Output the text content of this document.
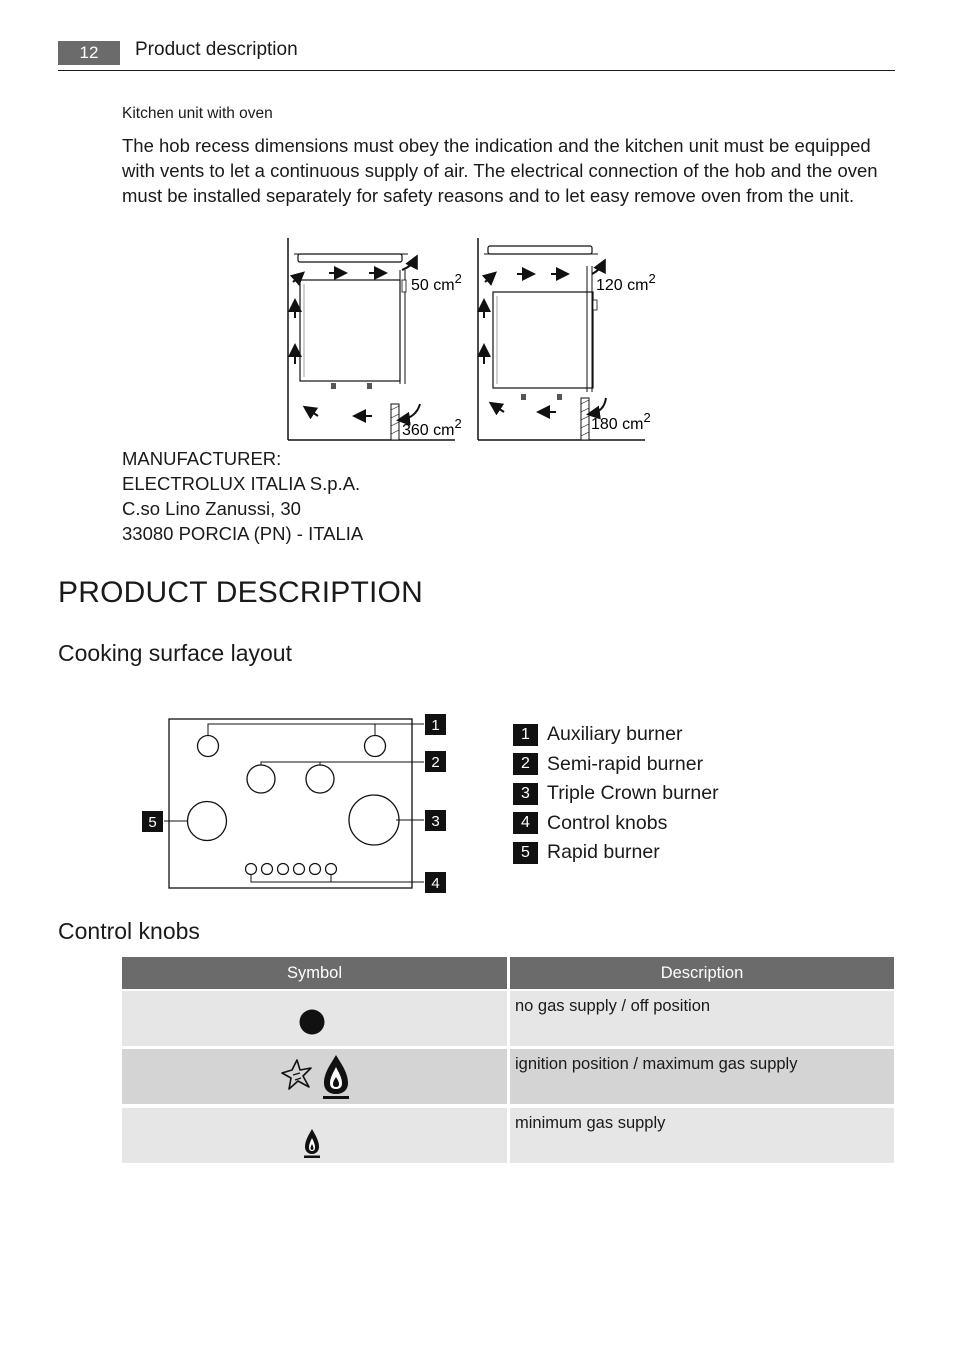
12	Product description
Kitchen unit with oven
The hob recess dimensions must obey the indication and the kitchen unit must be equipped with vents to let a continuous supply of air. The electrical connection of the hob and the oven must be installed separately for safety reasons and to let easy remove oven from the unit.
50 $cm^2$
360 $cm^2$
120 $cm^2$
180 $cm^2$
MANUFACTURER:
ELECTROLUX ITALIA S.p.A.
C.so Lino Zanussi, 30
33080 PORCIA (PN) - ITALIA
PRODUCT DESCRIPTION
Cooking surface layout
1
2
3
4
5
1 Auxiliary burner
2 Semi-rapid burner
3 Triple Crown burner
4 Control knobs
5 Rapid burner
Control knobs
Symbol	Description
no gas supply / off position
ignition position / maximum gas supply
minimum gas supply
